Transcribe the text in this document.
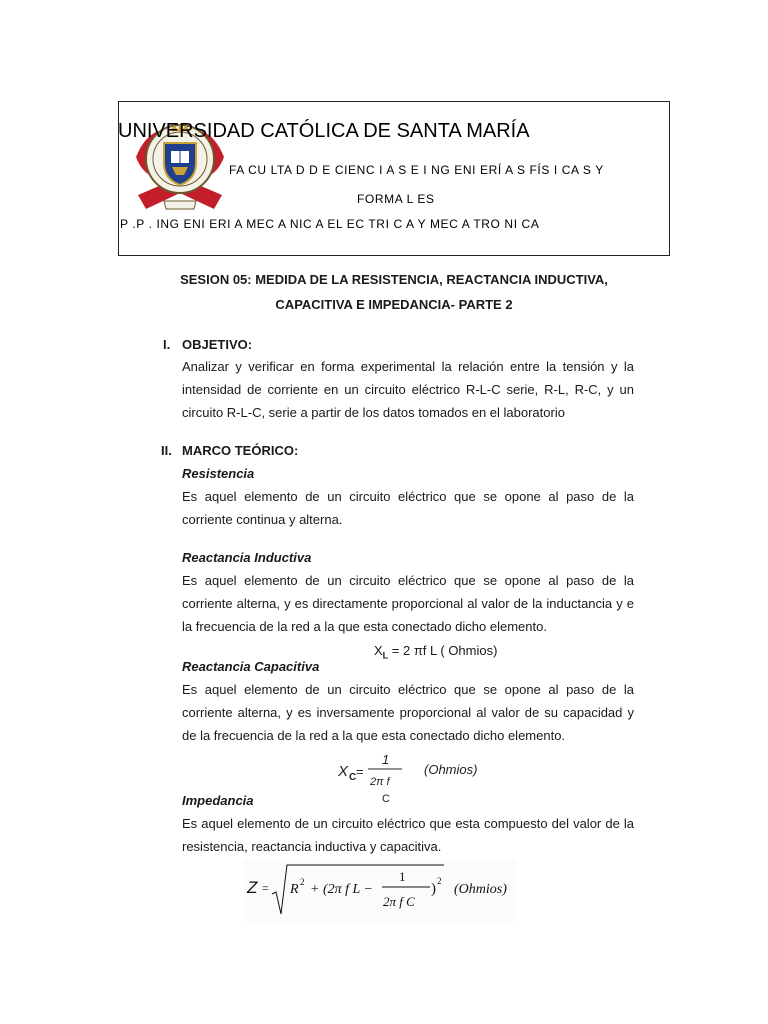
UNIVERSIDAD CATÓLICA DE SANTA MARÍA
FA CU LTA D D E CIENC I A S E I NG ENI ERÍ A S FÍS I CA S Y
FORMA L ES
P .P . ING ENI ERI A MEC A NIC A EL EC TRI C A Y MEC A TRO NI CA
SESION 05: MEDIDA DE LA RESISTENCIA, REACTANCIA INDUCTIVA,
CAPACITIVA E IMPEDANCIA- PARTE 2
I. OBJETIVO:
Analizar y verificar en forma experimental la relación entre la tensión y la intensidad de corriente en un circuito eléctrico R-L-C serie, R-L, R-C, y un circuito R-L-C, serie a partir de los datos tomados en el laboratorio
II. MARCO TEÓRICO:
Resistencia
Es aquel elemento de un circuito eléctrico que se opone al paso de la corriente continua y alterna.
Reactancia Inductiva
Es aquel elemento de un circuito eléctrico que se opone al paso de la corriente alterna, y es directamente proporcional al valor de la inductancia y e la frecuencia de la red a la que esta conectado dicho elemento.
$X_L = 2$ πf L ( Ohmios)
Reactancia Capacitiva
Es aquel elemento de un circuito eléctrico que se opone al paso de la corriente alterna, y es inversamente proporcional al valor de su capacidad y de la frecuencia de la red a la que esta conectado dicho elemento.
X C =
1
2π f
C
(Ohmios)
Impedancia
Es aquel elemento de un circuito eléctrico que esta compuesto del valor de la resistencia, reactancia inductiva y capacitiva.
Z = R 2 + (2π f L −
1
2π f C
) 2
(Ohmios)
